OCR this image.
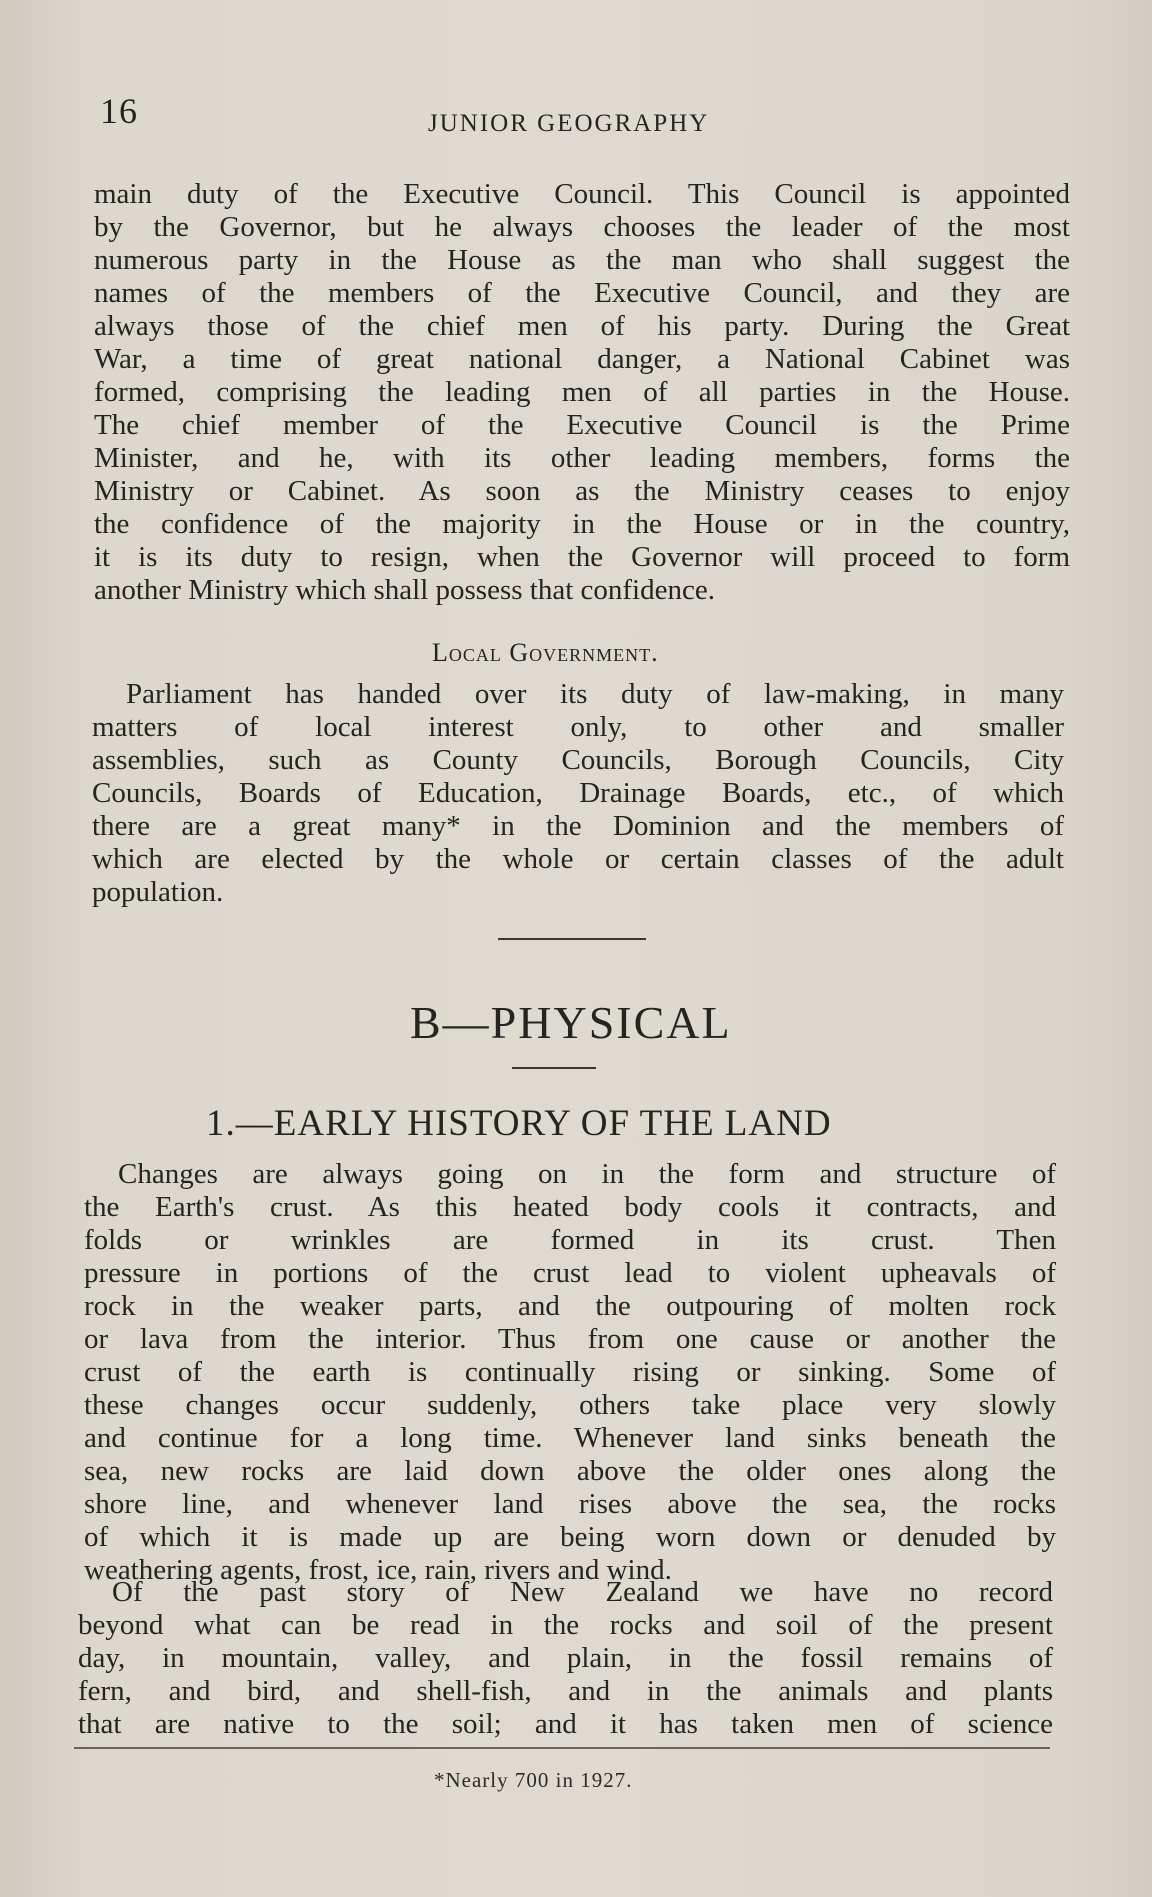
16	JUNIOR GEOGRAPHY
main duty of the Executive Council. This Council is appointed
by the Governor, but he always chooses the leader of the most
numerous party in the House as the man who shall suggest the
names of the members of the Executive Council, and they are
always those of the chief men of his party. During the Great
War, a time of great national danger, a National Cabinet was
formed, comprising the leading men of all parties in the House.
The chief member of the Executive Council is the Prime
Minister, and he, with its other leading members, forms the
Ministry or Cabinet. As soon as the Ministry ceases to enjoy
the confidence of the majority in the House or in the country,
it is its duty to resign, when the Governor will proceed to form
another Ministry which shall possess that confidence.
Local Government.
Parliament has handed over its duty of law-making, in many
matters of local interest only, to other and smaller
assemblies, such as County Councils, Borough Councils, City
Councils, Boards of Education, Drainage Boards, etc., of which
there are a great many* in the Dominion and the members of
which are elected by the whole or certain classes of the adult
population.
B—PHYSICAL
1.—EARLY HISTORY OF THE LAND
Changes are always going on in the form and structure of
the Earth's crust. As this heated body cools it contracts, and
folds or wrinkles are formed in its crust. Then
pressure in portions of the crust lead to violent upheavals of
rock in the weaker parts, and the outpouring of molten rock
or lava from the interior. Thus from one cause or another the
crust of the earth is continually rising or sinking. Some of
these changes occur suddenly, others take place very slowly
and continue for a long time. Whenever land sinks beneath the
sea, new rocks are laid down above the older ones along the
shore line, and whenever land rises above the sea, the rocks
of which it is made up are being worn down or denuded by
weathering agents, frost, ice, rain, rivers and wind.
Of the past story of New Zealand we have no record
beyond what can be read in the rocks and soil of the present
day, in mountain, valley, and plain, in the fossil remains of
fern, and bird, and shell-fish, and in the animals and plants
that are native to the soil; and it has taken men of science
*Nearly 700 in 1927.
